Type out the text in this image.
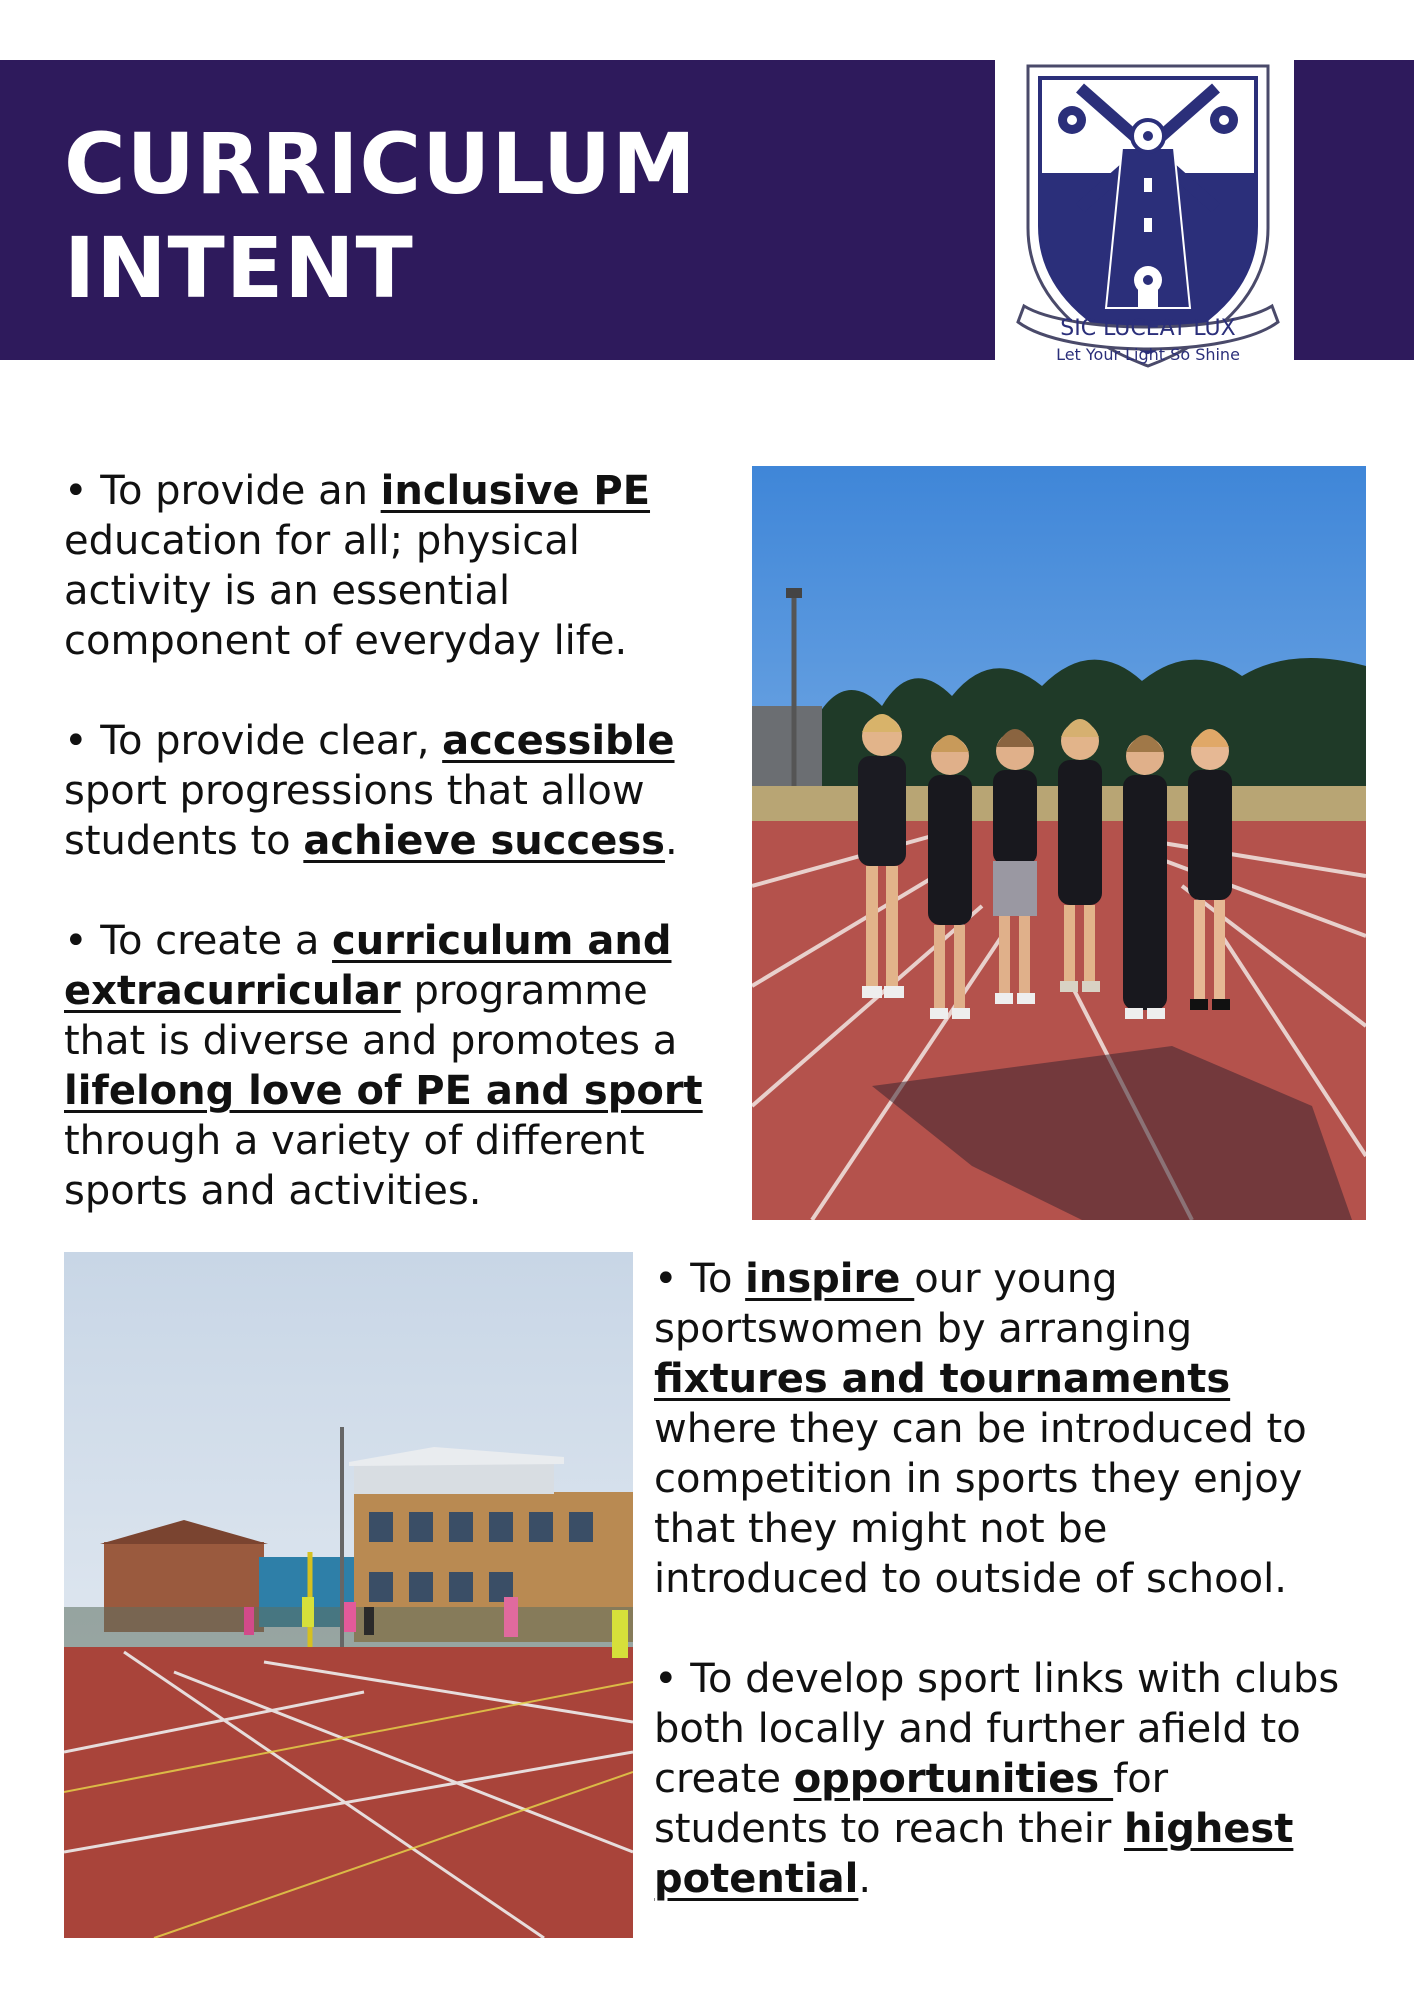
CURRICULUM
INTENT
SIC LUCEAT LUX
Let Your Light So Shine
• To provide an inclusive PE
education for all; physical
activity is an essential
component of everyday life.
• To provide clear, accessible
sport progressions that allow
students to achieve success.
• To create a curriculum and
extracurricular programme
that is diverse and promotes a
lifelong love of PE and sport
through a variety of different
sports and activities.
• To inspire our young
sportswomen by arranging
fixtures and tournaments
where they can be introduced to
competition in sports they enjoy
that they might not be
introduced to outside of school.
• To develop sport links with clubs
both locally and further afield to
create opportunities for
students to reach their highest
potential.
